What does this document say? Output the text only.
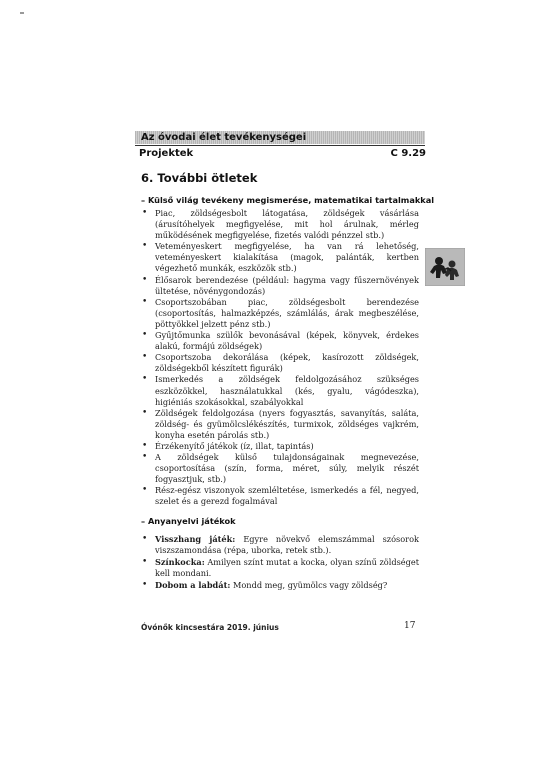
Az óvodai élet tevékenységei
Projektek	C 9.29
6. További ötletek
– Külső világ tevékeny megismerése, matematikai tartalmakkal
• Piac, zöldségesbolt látogatása, zöldségek vásárlása (árusítóhelyek megfigyelése, mit hol árulnak, mérleg működésének megfigyelése, fizetés valódi pénzzel stb.)
• Veteményeskert megfigyelése, ha van rá lehetőség, veteményeskert kialakítása (magok, palánták, kertben végezhető munkák, eszközök stb.)
• Élősarok berendezése (például: hagyma vagy fűszernövények ültetése, növénygondozás)
• Csoportszobában piac, zöldségesbolt berendezése (csoportosítás, halmazképzés, számlálás, árak megbeszélése, pöttyökkel jelzett pénz stb.)
• Gyűjtőmunka szülők bevonásával (képek, könyvek, érdekes alakú, formájú zöldségek)
• Csoportszoba dekorálása (képek, kasírozott zöldségek, zöldségekből készített figurák)
• Ismerkedés a zöldségek feldolgozásához szükséges eszközökkel, használatukkal (kés, gyalu, vágódeszka), higiéniás szokásokkal, szabályokkal
• Zöldségek feldolgozása (nyers fogyasztás, savanyítás, saláta, zöldség- és gyümölcslékészítés, turmixok, zöldséges vajkrém, konyha esetén párolás stb.)
• Érzékenyítő játékok (íz, illat, tapintás)
• A zöldségek külső tulajdonságainak megnevezése, csoportosítása (szín, forma, méret, súly, melyik részét fogyasztjuk, stb.)
• Rész-egész viszonyok szemléltetése, ismerkedés a fél, negyed, szelet és a gerezd fogalmával
– Anyanyelvi játékok
• Visszhang játék: Egyre növekvő elemszámmal szósorok viszszamondása (répa, uborka, retek stb.).
• Színkocka: Amilyen színt mutat a kocka, olyan színű zöldséget kell mondani.
• Dobom a labdát: Mondd meg, gyümölcs vagy zöldség?
Óvónők kincsestára 2019. június	17
